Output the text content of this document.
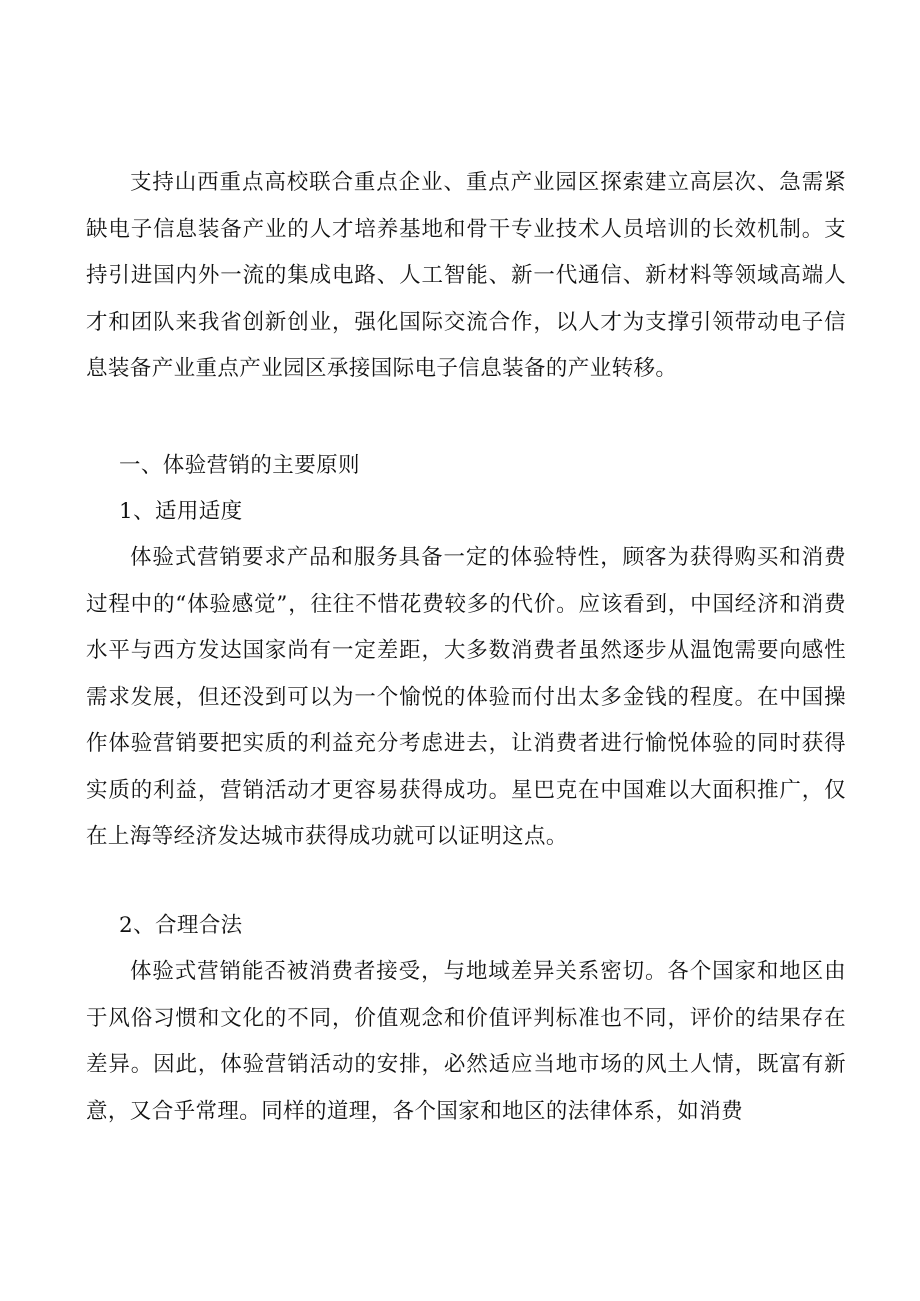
支持山西重点高校联合重点企业、重点产业园区探索建立高层次、急需紧缺电子信息装备产业的人才培养基地和骨干专业技术人员培训的长效机制。支持引进国内外一流的集成电路、人工智能、新一代通信、新材料等领域高端人才和团队来我省创新创业，强化国际交流合作，以人才为支撑引领带动电子信息装备产业重点产业园区承接国际电子信息装备的产业转移。

一、体验营销的主要原则

1、适用适度

体验式营销要求产品和服务具备一定的体验特性，顾客为获得购买和消费过程中的“体验感觉”，往往不惜花费较多的代价。应该看到，中国经济和消费水平与西方发达国家尚有一定差距，大多数消费者虽然逐步从温饱需要向感性需求发展，但还没到可以为一个愉悦的体验而付出太多金钱的程度。在中国操作体验营销要把实质的利益充分考虑进去，让消费者进行愉悦体验的同时获得实质的利益，营销活动才更容易获得成功。星巴克在中国难以大面积推广，仅在上海等经济发达城市获得成功就可以证明这点。

2、合理合法

体验式营销能否被消费者接受，与地域差异关系密切。各个国家和地区由于风俗习惯和文化的不同，价值观念和价值评判标准也不同，评价的结果存在差异。因此，体验营销活动的安排，必然适应当地市场的风土人情，既富有新意，又合乎常理。同样的道理，各个国家和地区的法律体系，如消费
